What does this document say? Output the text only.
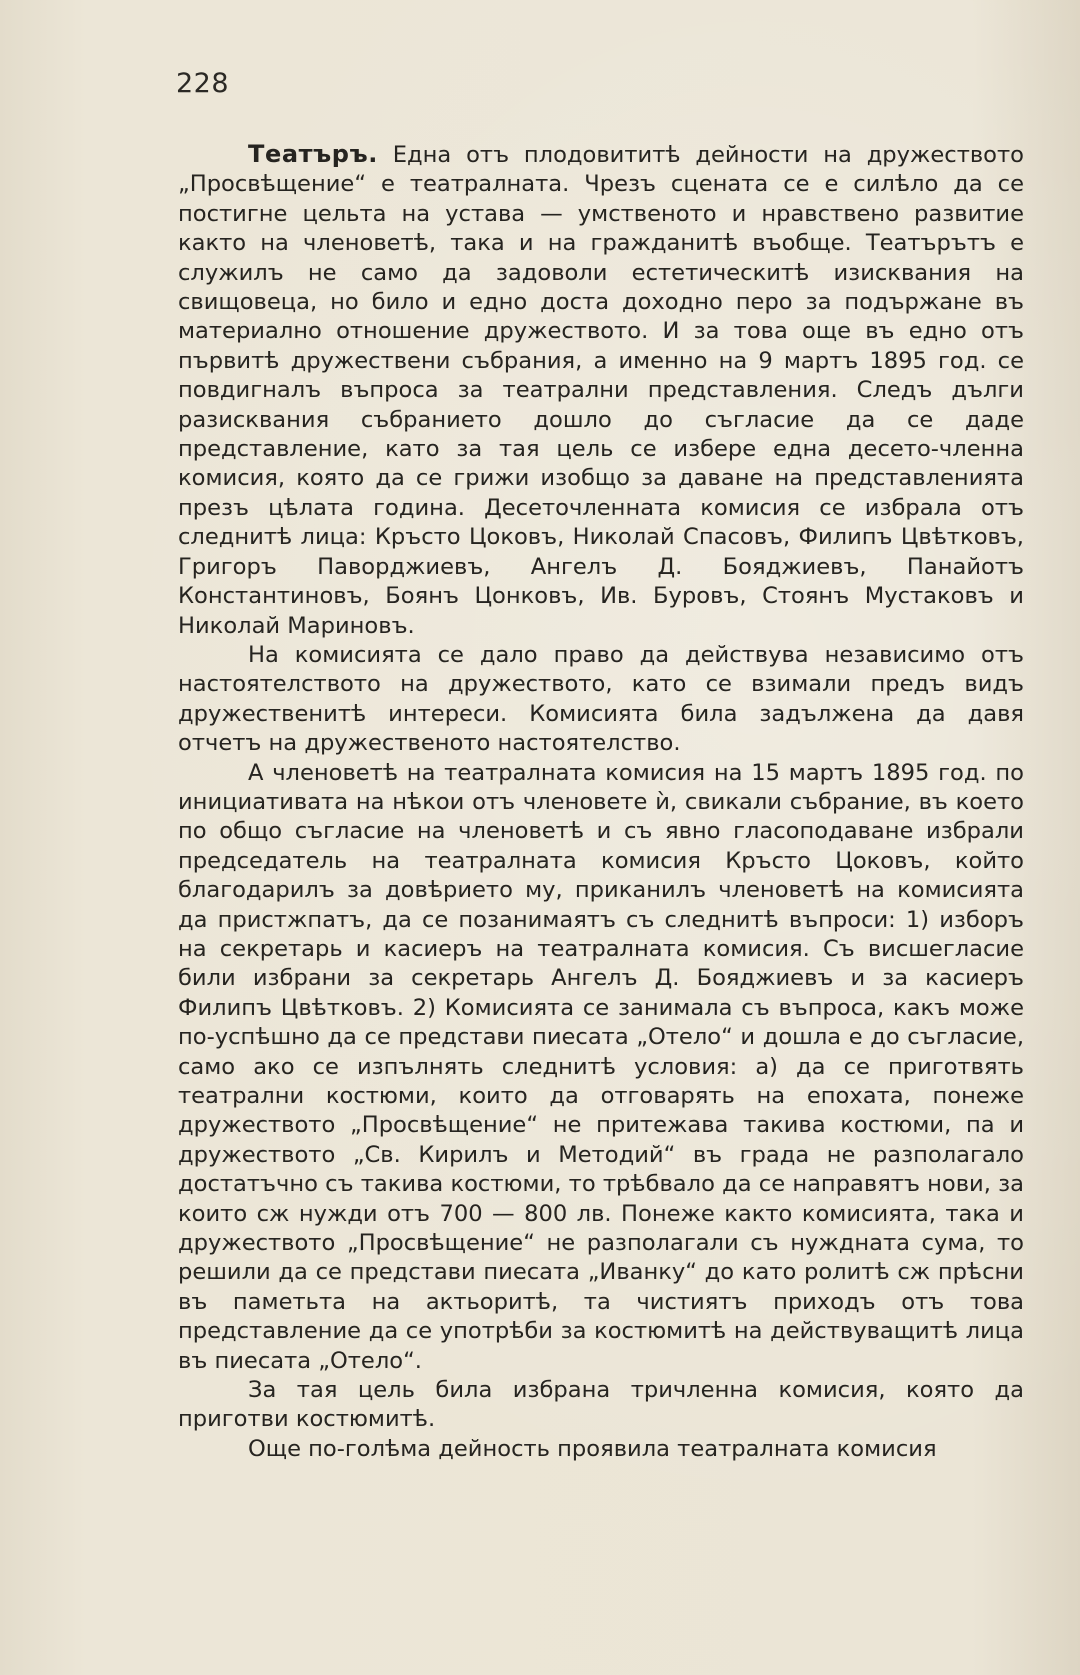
228

Театъръ. Една отъ плодовититѣ дейности на дружеството „Просвѣщение“ е театралната. Чрезъ сцената се е силѣло да се постигне цельта на устава — умственото и нравствено развитие както на членоветѣ, така и на гражданитѣ въобще. Театърътъ е служилъ не само да задоволи естетическитѣ изисквания на свищовеца, но било и едно доста доходно перо за подържане въ материално отношение дружеството. И за това още въ едно отъ първитѣ дружествени събрания, а именно на 9 мартъ 1895 год. се повдигналъ въпроса за театрални представления. Следъ дълги разисквания събранието дошло до съгласие да се даде представление, като за тая цель се избере една десето-членна комисия, която да се грижи изобщо за даване на представленията презъ цѣлата година. Десеточленната комисия се избрала отъ следнитѣ лица: Кръсто Цоковъ, Николай Спасовъ, Филипъ Цвѣтковъ, Григоръ Паворджиевъ, Ангелъ Д. Бояджиевъ, Панайотъ Константиновъ, Боянъ Цонковъ, Ив. Буровъ, Стоянъ Мустаковъ и Николай Мариновъ.

На комисията се дало право да действува независимо отъ настоятелството на дружеството, като се взимали предъ видъ дружественитѣ интереси. Комисията била задължена да давя отчетъ на дружественото настоятелство.

А членоветѣ на театралната комисия на 15 мартъ 1895 год. по инициативата на нѣкои отъ членовете ѝ, свикали събрание, въ което по общо съгласие на членоветѣ и съ явно гласоподаване избрали председатель на театралната комисия Кръсто Цоковъ, който благодарилъ за довѣрието му, приканилъ членоветѣ на комисията да пристжпатъ, да се позанимаятъ съ следнитѣ въпроси: 1) изборъ на секретарь и касиеръ на театралната комисия. Съ висшегласие били избрани за секретарь Ангелъ Д. Бояджиевъ и за касиеръ Филипъ Цвѣтковъ. 2) Комисията се занимала съ въпроса, какъ може по-успѣшно да се представи пиесата „Отело“ и дошла е до съгласие, само ако се изпълнять следнитѣ условия: а) да се приготвять театрални костюми, които да отговарять на епохата, понеже дружеството „Просвѣщение“ не притежава такива костюми, па и дружеството „Св. Кирилъ и Методий“ въ града не разполагало достатъчно съ такива костюми, то трѣбвало да се направятъ нови, за които сж нужди отъ 700 — 800 лв. Понеже както комисията, така и дружеството „Просвѣщение“ не разполагали съ нуждната сума, то решили да се представи пиесата „Иванку“ до като ролитѣ сж прѣсни въ паметьта на актьоритѣ, та чистиятъ приходъ отъ това представление да се употрѣби за костюмитѣ на действуващитѣ лица въ пиесата „Отело“.

За тая цель била избрана тричленна комисия, която да приготви костюмитѣ.

Още по-голѣма дейность проявила театралната комисия
